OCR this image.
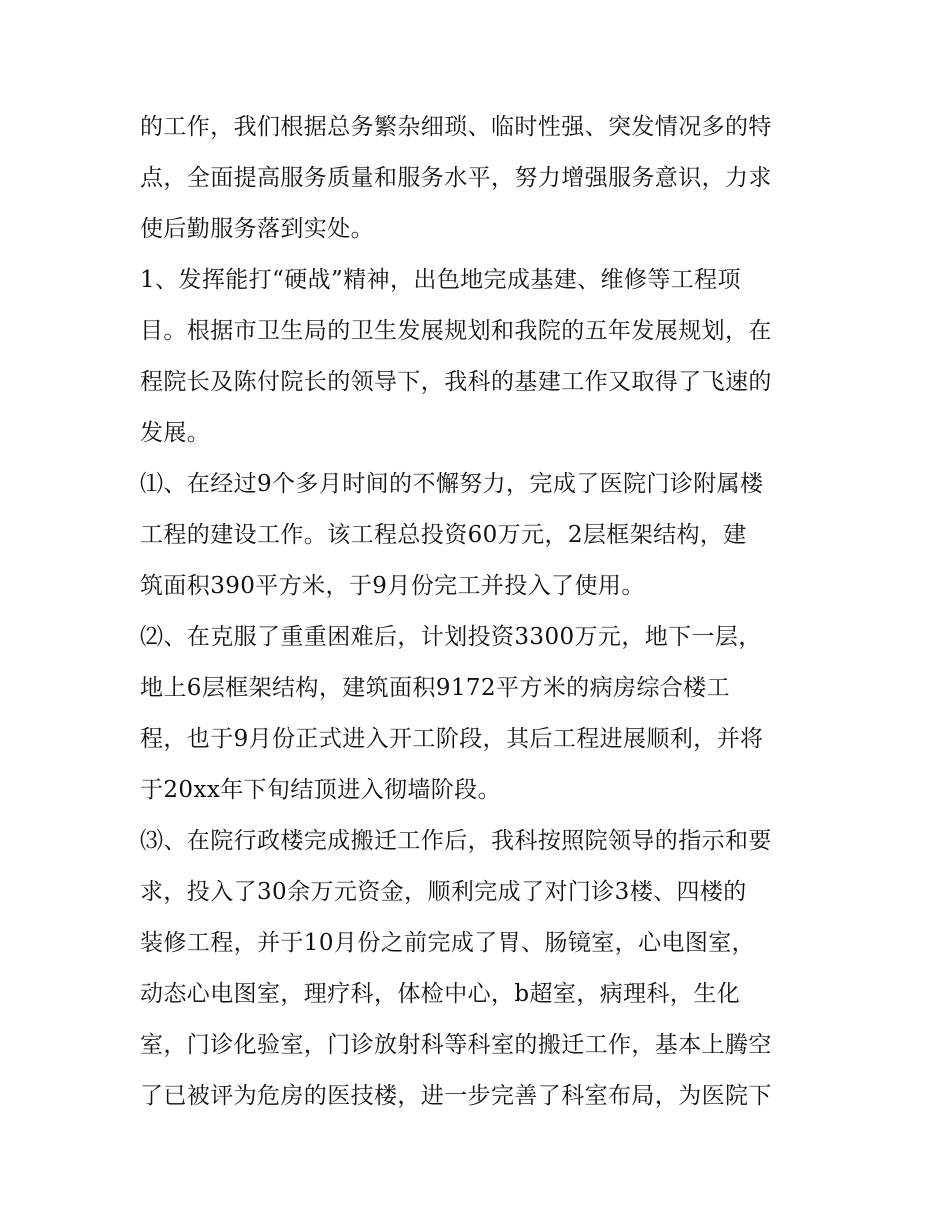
的工作，我们根据总务繁杂细琐、临时性强、突发情况多的特
点，全面提高服务质量和服务水平，努力增强服务意识，力求
使后勤服务落到实处。
1、发挥能打“硬战”精神，出色地完成基建、维修等工程项
目。根据市卫生局的卫生发展规划和我院的五年发展规划，在
程院长及陈付院长的领导下，我科的基建工作又取得了飞速的
发展。
⑴、在经过9个多月时间的不懈努力，完成了医院门诊附属楼
工程的建设工作。该工程总投资60万元，2层框架结构，建
筑面积390平方米，于9月份完工并投入了使用。
⑵、在克服了重重困难后，计划投资3300万元，地下一层，
地上6层框架结构，建筑面积9172平方米的病房综合楼工
程，也于9月份正式进入开工阶段，其后工程进展顺利，并将
于20xx年下旬结顶进入彻墙阶段。
⑶、在院行政楼完成搬迁工作后，我科按照院领导的指示和要
求，投入了30余万元资金，顺利完成了对门诊3楼、四楼的
装修工程，并于10月份之前完成了胃、肠镜室，心电图室，
动态心电图室，理疗科，体检中心，b超室，病理科，生化
室，门诊化验室，门诊放射科等科室的搬迁工作，基本上腾空
了已被评为危房的医技楼，进一步完善了科室布局，为医院下
